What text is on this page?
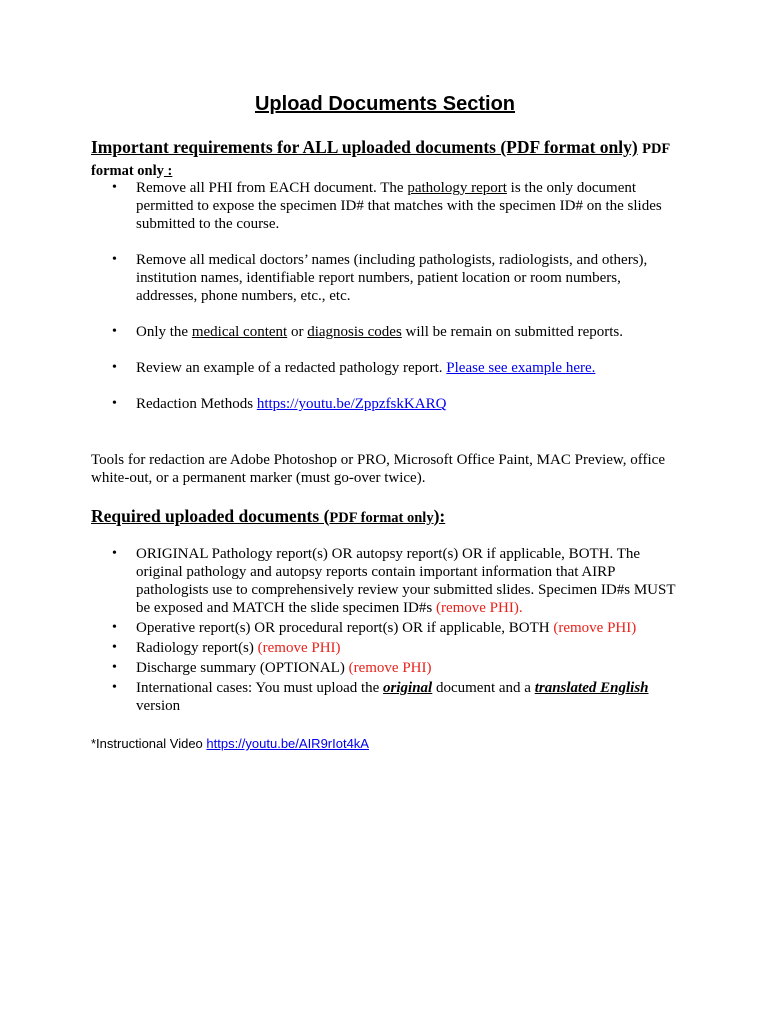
Upload Documents Section
Important requirements for ALL uploaded documents (PDF format only) PDF
format only :
• Remove all PHI from EACH document. The pathology report is the only document permitted to expose the specimen ID# that matches with the specimen ID# on the slides submitted to the course.
• Remove all medical doctors’ names (including pathologists, radiologists, and others), institution names, identifiable report numbers, patient location or room numbers, addresses, phone numbers, etc., etc.
• Only the medical content or diagnosis codes will be remain on submitted reports.
• Review an example of a redacted pathology report. Please see example here.
• Redaction Methods https://youtu.be/ZppzfskKARQ
Tools for redaction are Adobe Photoshop or PRO, Microsoft Office Paint, MAC Preview, office white-out, or a permanent marker (must go-over twice).
Required uploaded documents (PDF format only):
• ORIGINAL Pathology report(s) OR autopsy report(s) OR if applicable, BOTH. The original pathology and autopsy reports contain important information that AIRP pathologists use to comprehensively review your submitted slides. Specimen ID#s MUST be exposed and MATCH the slide specimen ID#s (remove PHI).
• Operative report(s) OR procedural report(s) OR if applicable, BOTH (remove PHI)
• Radiology report(s) (remove PHI)
• Discharge summary (OPTIONAL) (remove PHI)
• International cases: You must upload the original document and a translated English version
*Instructional Video https://youtu.be/AIR9rIot4kA
